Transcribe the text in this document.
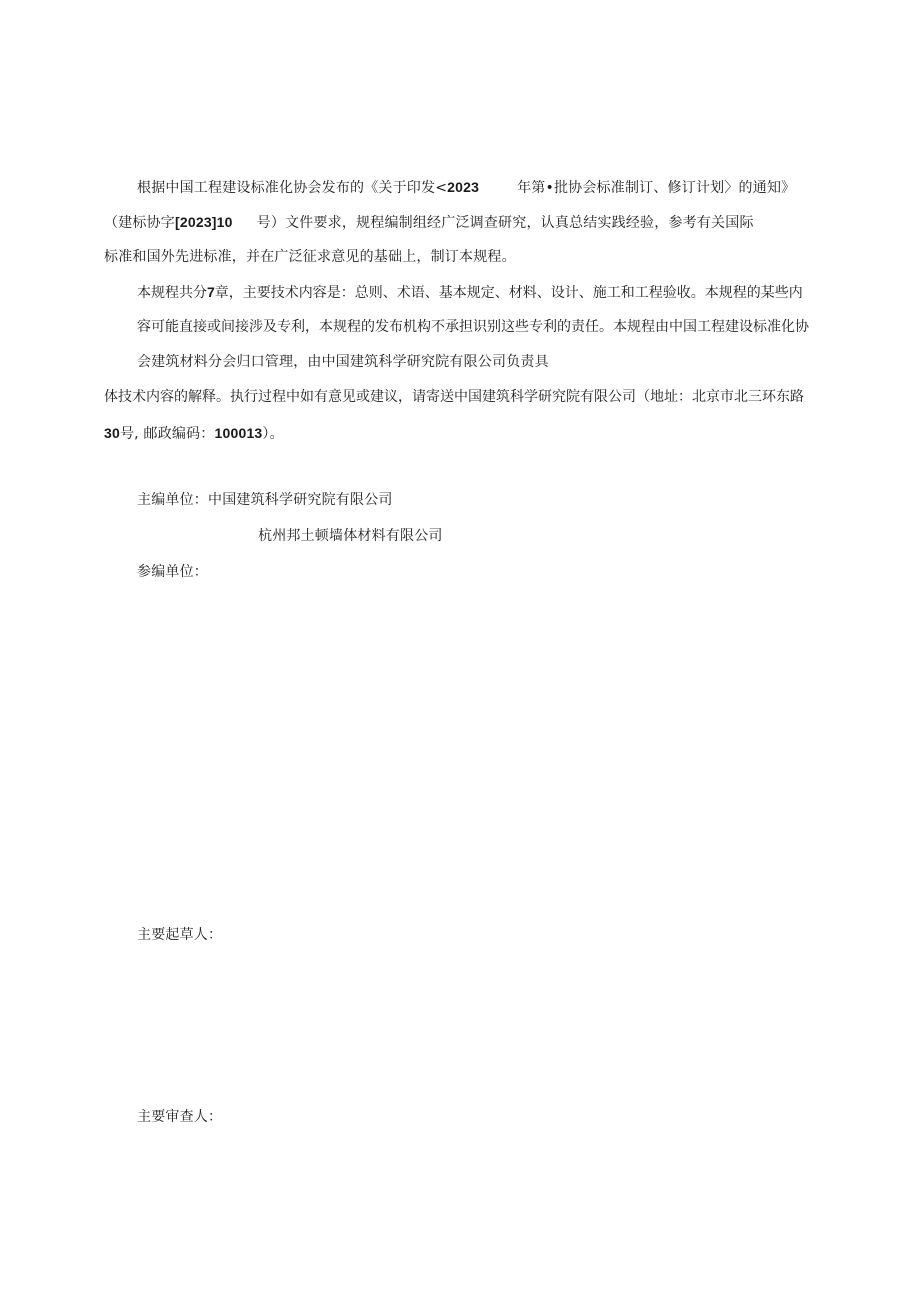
根据中国工程建设标准化协会发布的《关于印发<2023	年第•批协会标准制订、修订计划〉的通知》
（建标协字[2023]10 号）文件要求，规程编制组经广泛调查研究，认真总结实践经验，参考有关国际
标准和国外先进标准，并在广泛征求意见的基础上，制订本规程。
本规程共分7章，主要技术内容是：总则、术语、基本规定、材料、设计、施工和工程验收。本规程的某些内
容可能直接或间接涉及专利，本规程的发布机构不承担识别这些专利的责任。本规程由中国工程建设标准化协
会建筑材料分会归口管理，由中国建筑科学研究院有限公司负责具
体技术内容的解释。执行过程中如有意见或建议，请寄送中国建筑科学研究院有限公司（地址：北京市北三环东路
30号, 邮政编码：100013）。
主编单位：中国建筑科学研究院有限公司
杭州邦土顿墙体材料有限公司
参编单位：
主要起草人：
主要审查人：
